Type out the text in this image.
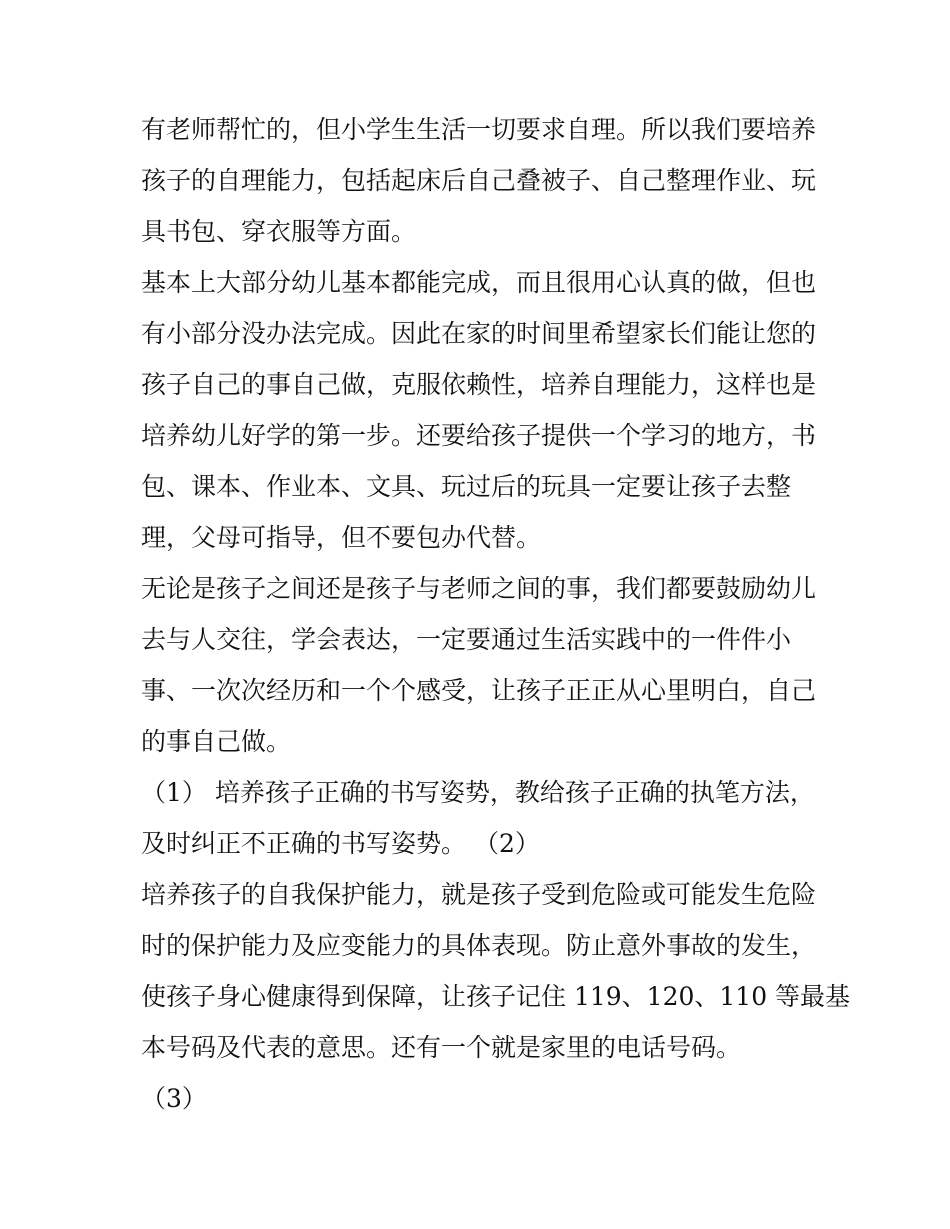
有老师帮忙的，但小学生生活一切要求自理。所以我们要培养
孩子的自理能力，包括起床后自己叠被子、自己整理作业、玩
具书包、穿衣服等方面。
基本上大部分幼儿基本都能完成，而且很用心认真的做，但也
有小部分没办法完成。因此在家的时间里希望家长们能让您的
孩子自己的事自己做，克服依赖性，培养自理能力，这样也是
培养幼儿好学的第一步。还要给孩子提供一个学习的地方，书
包、课本、作业本、文具、玩过后的玩具一定要让孩子去整
理，父母可指导，但不要包办代替。
无论是孩子之间还是孩子与老师之间的事，我们都要鼓励幼儿
去与人交往，学会表达，一定要通过生活实践中的一件件小
事、一次次经历和一个个感受，让孩子正正从心里明白，自己
的事自己做。
（1） 培养孩子正确的书写姿势，教给孩子正确的执笔方法，
及时纠正不正确的书写姿势。 （2）
培养孩子的自我保护能力，就是孩子受到危险或可能发生危险
时的保护能力及应变能力的具体表现。防止意外事故的发生，
使孩子身心健康得到保障，让孩子记住 119、120、110 等最基
本号码及代表的意思。还有一个就是家里的电话号码。
（3）
